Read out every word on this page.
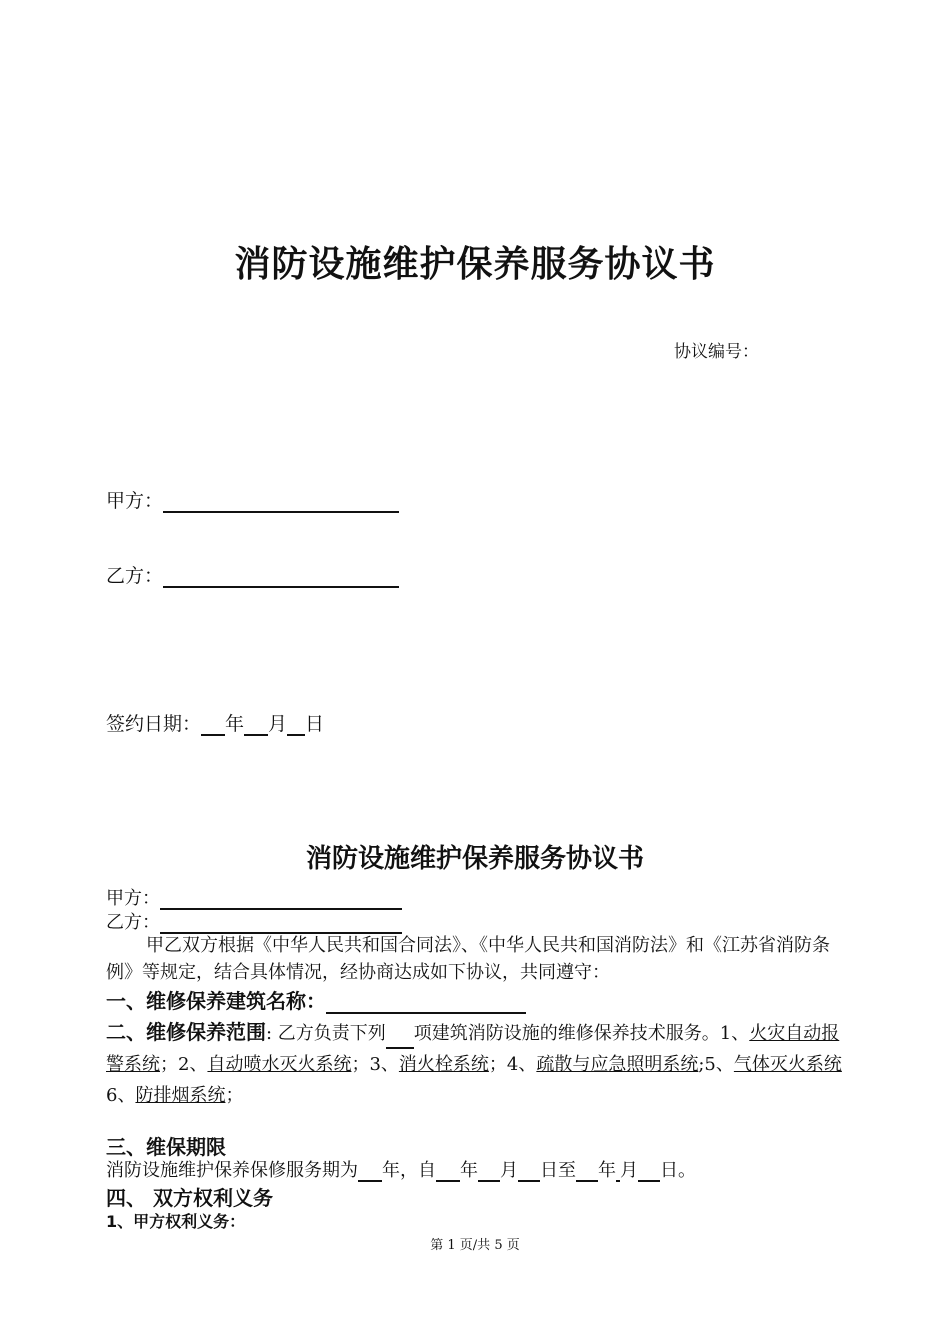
消防设施维护保养服务协议书
协议编号：
甲方：
乙方：
签约日期： 年 月 日
消防设施维护保养服务协议书
甲方：
乙方：
甲乙双方根据《中华人民共和国合同法》、《中华人民共和国消防法》和《江苏省消防条例》等规定，结合具体情况，经协商达成如下协议，共同遵守：
一、维修保养建筑名称：
二、维修保养范围: 乙方负责下列 项建筑消防设施的维修保养技术服务。1、火灾自动报警系统；2、自动喷水灭火系统；3、消火栓系统；4、疏散与应急照明系统;5、气体灭火系统6、防排烟系统；
三、维保期限
消防设施维护保养保修服务期为 年，自 年 月 日至 年 月 日。
四、 双方权利义务
1、甲方权利义务：
第 1 页/共 5 页
